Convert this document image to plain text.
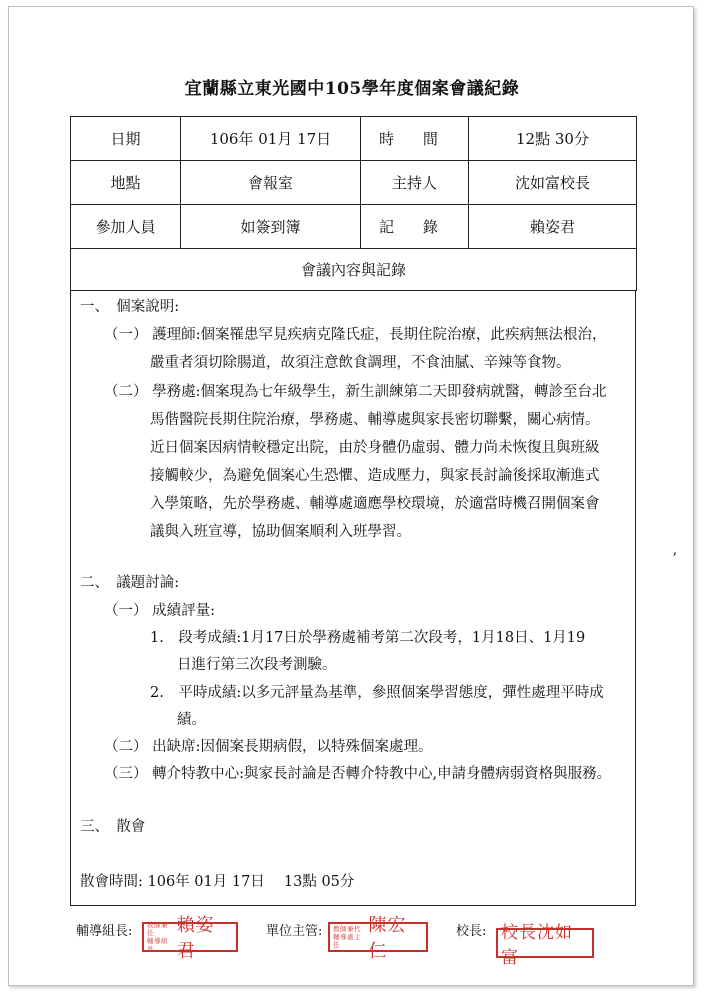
宜蘭縣立東光國中105學年度個案會議紀錄
日期	106年 01月 17日	時 間	12點 30分
地點	會報室	主持人	沈如富校長
參加人員	如簽到簿	記 錄	賴姿君
會議內容與記錄			
一、　個案說明:
（一） 護理師:個案罹患罕見疾病克隆氏症，長期住院治療，此疾病無法根治，
嚴重者須切除腸道，故須注意飲食調理，不食油膩、辛辣等食物。
（二） 學務處:個案現為七年級學生，新生訓練第二天即發病就醫，轉診至台北
馬偕醫院長期住院治療，學務處、輔導處與家長密切聯繫，關心病情。
近日個案因病情較穩定出院，由於身體仍虛弱、體力尚未恢復且與班級
接觸較少，為避免個案心生恐懼、造成壓力，與家長討論後採取漸進式
入學策略，先於學務處、輔導處適應學校環境，於適當時機召開個案會
議與入班宣導，協助個案順利入班學習。
ʼ
二、　議題討論:
（一） 成績評量:
1.　段考成績:1月17日於學務處補考第二次段考，1月18日、1月19
日進行第三次段考測驗。
2.　平時成績:以多元評量為基準，參照個案學習態度，彈性處理平時成
績。
（二） 出缺席:因個案長期病假，以特殊個案處理。
（三） 轉介特教中心:與家長討論是否轉介特教中心,申請身體病弱資格與服務。
三、　散會
散會時間: 106年 01月 17日　 13點 05分
輔導組長: 教師兼任
輔導組長
賴姿君
單位主管: 教師兼代
輔導處主任
陳宏仁
校長: 校長沈如富
